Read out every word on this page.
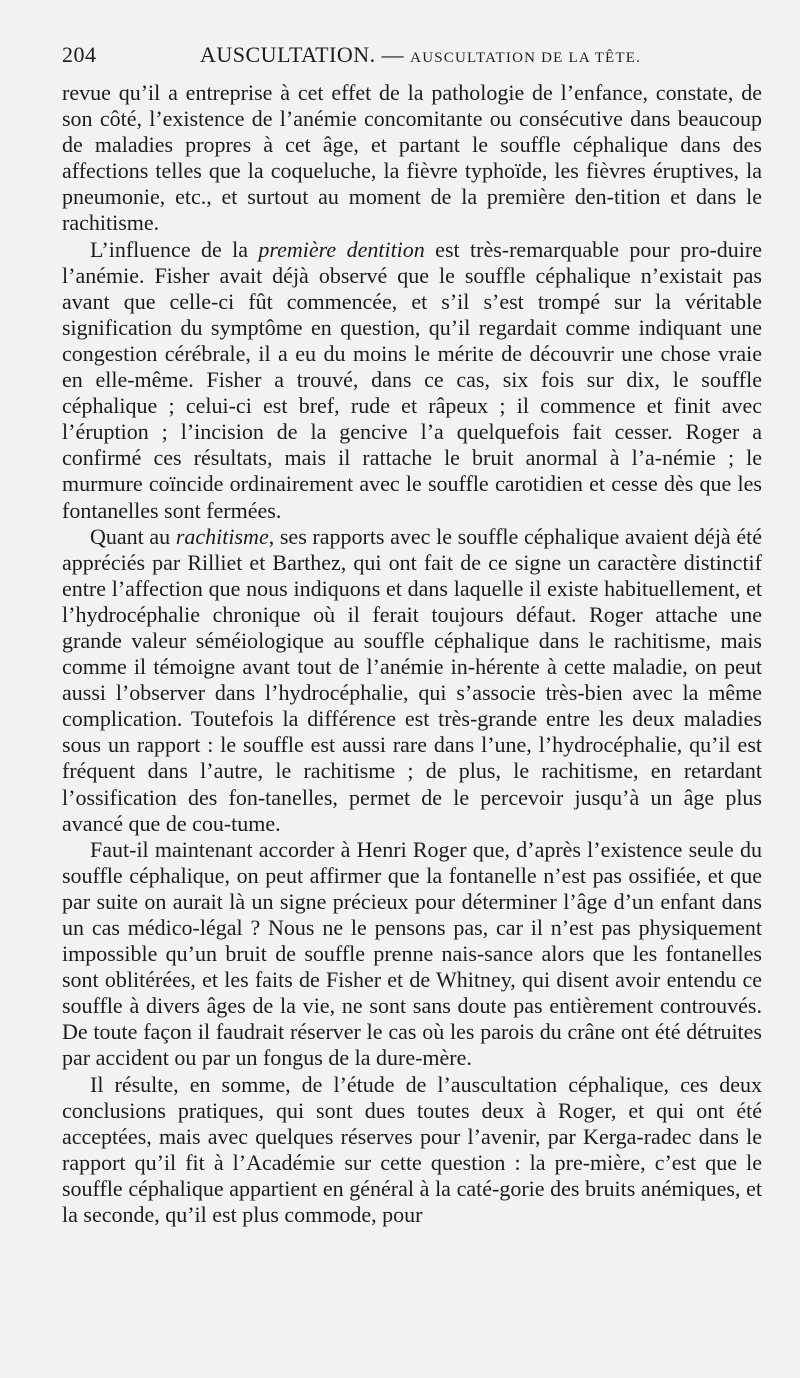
204	AUSCULTATION. — AUSCULTATION DE LA TÊTE.

revue qu’il a entreprise à cet effet de la pathologie de l’enfance, constate, de son côté, l’existence de l’anémie concomitante ou consécutive dans beaucoup de maladies propres à cet âge, et partant le souffle céphalique dans des affections telles que la coqueluche, la fièvre typhoïde, les fièvres éruptives, la pneumonie, etc., et surtout au moment de la première den-tition et dans le rachitisme.

L’influence de la première dentition est très-remarquable pour pro-duire l’anémie. Fisher avait déjà observé que le souffle céphalique n’existait pas avant que celle-ci fût commencée, et s’il s’est trompé sur la véritable signification du symptôme en question, qu’il regardait comme indiquant une congestion cérébrale, il a eu du moins le mérite de découvrir une chose vraie en elle-même. Fisher a trouvé, dans ce cas, six fois sur dix, le souffle céphalique ; celui-ci est bref, rude et râpeux ; il commence et finit avec l’éruption ; l’incision de la gencive l’a quelquefois fait cesser. Roger a confirmé ces résultats, mais il rattache le bruit anormal à l’a-némie ; le murmure coïncide ordinairement avec le souffle carotidien et cesse dès que les fontanelles sont fermées.

Quant au rachitisme, ses rapports avec le souffle céphalique avaient déjà été appréciés par Rilliet et Barthez, qui ont fait de ce signe un caractère distinctif entre l’affection que nous indiquons et dans laquelle il existe habituellement, et l’hydrocéphalie chronique où il ferait toujours défaut. Roger attache une grande valeur séméiologique au souffle céphalique dans le rachitisme, mais comme il témoigne avant tout de l’anémie in-hérente à cette maladie, on peut aussi l’observer dans l’hydrocéphalie, qui s’associe très-bien avec la même complication. Toutefois la différence est très-grande entre les deux maladies sous un rapport : le souffle est aussi rare dans l’une, l’hydrocéphalie, qu’il est fréquent dans l’autre, le rachitisme ; de plus, le rachitisme, en retardant l’ossification des fon-tanelles, permet de le percevoir jusqu’à un âge plus avancé que de cou-tume.

Faut-il maintenant accorder à Henri Roger que, d’après l’existence seule du souffle céphalique, on peut affirmer que la fontanelle n’est pas ossifiée, et que par suite on aurait là un signe précieux pour déterminer l’âge d’un enfant dans un cas médico-légal ? Nous ne le pensons pas, car il n’est pas physiquement impossible qu’un bruit de souffle prenne nais-sance alors que les fontanelles sont oblitérées, et les faits de Fisher et de Whitney, qui disent avoir entendu ce souffle à divers âges de la vie, ne sont sans doute pas entièrement controuvés. De toute façon il faudrait réserver le cas où les parois du crâne ont été détruites par accident ou par un fongus de la dure-mère.

Il résulte, en somme, de l’étude de l’auscultation céphalique, ces deux conclusions pratiques, qui sont dues toutes deux à Roger, et qui ont été acceptées, mais avec quelques réserves pour l’avenir, par Kerga-radec dans le rapport qu’il fit à l’Académie sur cette question : la pre-mière, c’est que le souffle céphalique appartient en général à la caté-gorie des bruits anémiques, et la seconde, qu’il est plus commode, pour
